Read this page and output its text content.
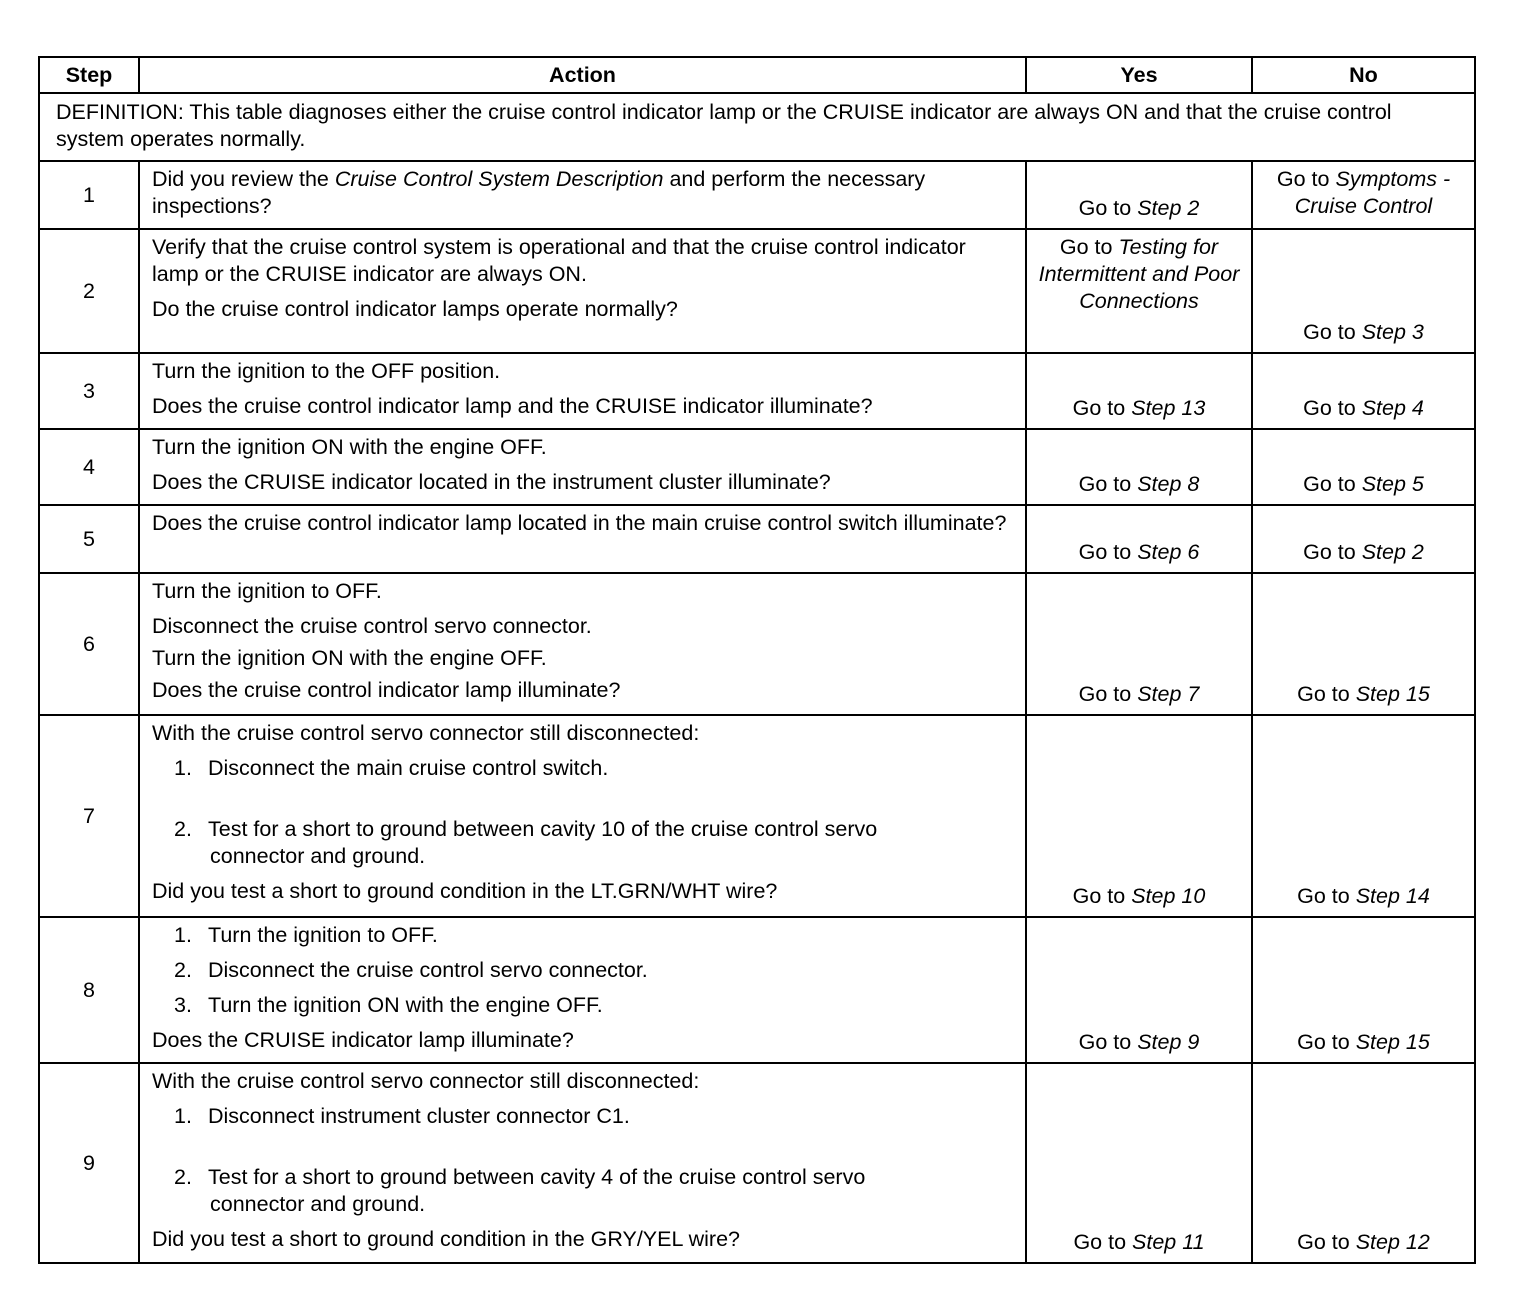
Step	Action	Yes	No
DEFINITION: This table diagnoses either the cruise control indicator lamp or the CRUISE indicator are always ON and that the cruise control system operates normally.			
1	Did you review the Cruise Control System Description and perform the necessary inspections?	Go to Step 2	Go to Symptoms - Cruise Control
2	Verify that the cruise control system is operational and that the cruise control indicator lamp or the CRUISE indicator are always ON.
Do the cruise control indicator lamps operate normally?	Go to Testing for Intermittent and Poor Connections	Go to Step 3
3	Turn the ignition to the OFF position.
Does the cruise control indicator lamp and the CRUISE indicator illuminate?	Go to Step 13	Go to Step 4
4	Turn the ignition ON with the engine OFF.
Does the CRUISE indicator located in the instrument cluster illuminate?	Go to Step 8	Go to Step 5
5	Does the cruise control indicator lamp located in the main cruise control switch illuminate?	Go to Step 6	Go to Step 2
6	Turn the ignition to OFF.
Disconnect the cruise control servo connector.
Turn the ignition ON with the engine OFF.
Does the cruise control indicator lamp illuminate?	Go to Step 7	Go to Step 15
7	With the cruise control servo connector still disconnected:
1. Disconnect the main cruise control switch.
2. Test for a short to ground between cavity 10 of the cruise control servo
connector and ground.
Did you test a short to ground condition in the LT.GRN/WHT wire?	Go to Step 10	Go to Step 14
8	1. Turn the ignition to OFF.
2. Disconnect the cruise control servo connector.
3. Turn the ignition ON with the engine OFF.
Does the CRUISE indicator lamp illuminate?	Go to Step 9	Go to Step 15
9	With the cruise control servo connector still disconnected:
1. Disconnect instrument cluster connector C1.
2. Test for a short to ground between cavity 4 of the cruise control servo
connector and ground.
Did you test a short to ground condition in the GRY/YEL wire?	Go to Step 11	Go to Step 12
